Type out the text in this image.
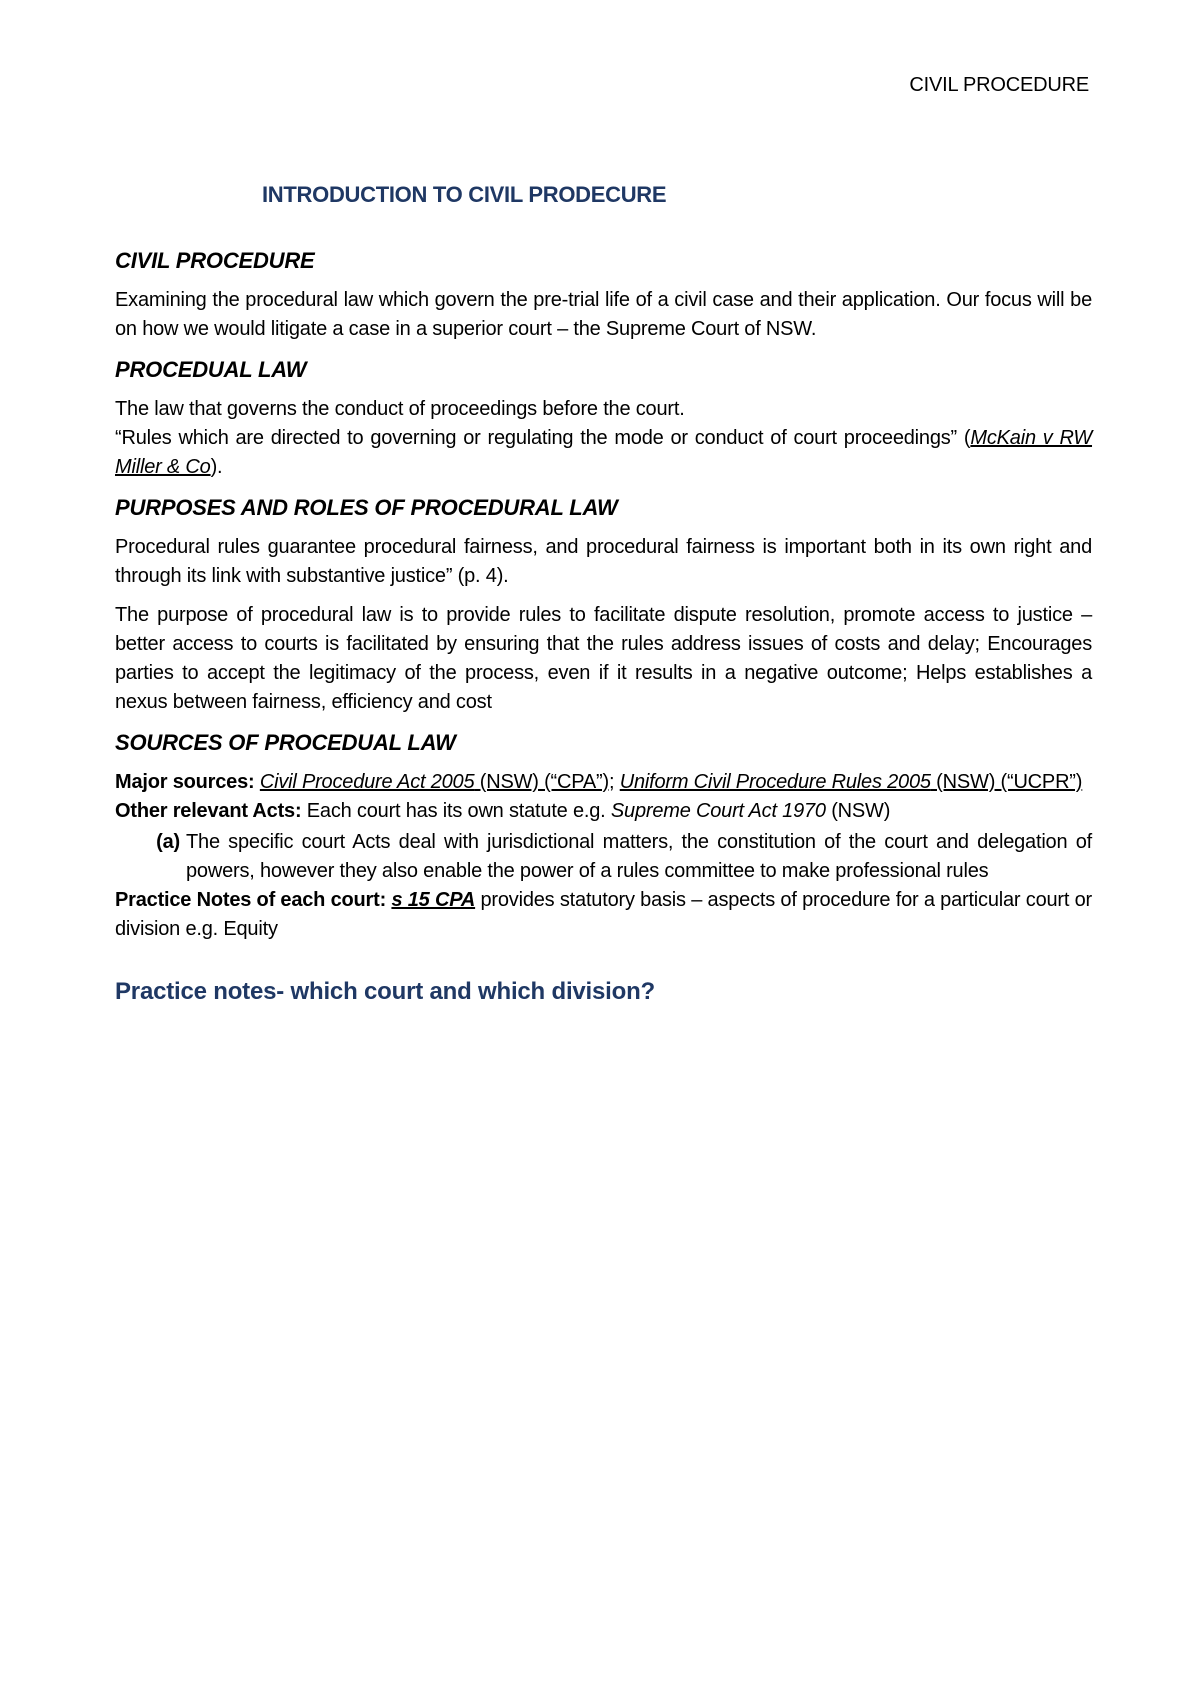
CIVIL PROCEDURE
INTRODUCTION TO CIVIL PRODECURE
CIVIL PROCEDURE

Examining the procedural law which govern the pre-trial life of a civil case and their application. Our focus will be on how we would litigate a case in a superior court – the Supreme Court of NSW.

PROCEDUAL LAW

The law that governs the conduct of proceedings before the court.

“Rules which are directed to governing or regulating the mode or conduct of court proceedings” (McKain v RW Miller & Co).

PURPOSES AND ROLES OF PROCEDURAL LAW

Procedural rules guarantee procedural fairness, and procedural fairness is important both in its own right and through its link with substantive justice” (p. 4).

The purpose of procedural law is to provide rules to facilitate dispute resolution, promote access to justice – better access to courts is facilitated by ensuring that the rules address issues of costs and delay; Encourages parties to accept the legitimacy of the process, even if it results in a negative outcome; Helps establishes a nexus between fairness, efficiency and cost

SOURCES OF PROCEDUAL LAW

Major sources: Civil Procedure Act 2005 (NSW) (“CPA”); Uniform Civil Procedure Rules 2005 (NSW) (“UCPR”)

Other relevant Acts: Each court has its own statute e.g. Supreme Court Act 1970 (NSW)

(a) The specific court Acts deal with jurisdictional matters, the constitution of the court and delegation of powers, however they also enable the power of a rules committee to make professional rules

Practice Notes of each court: s 15 CPA provides statutory basis – aspects of procedure for a particular court or division e.g. Equity

Practice notes- which court and which division?
